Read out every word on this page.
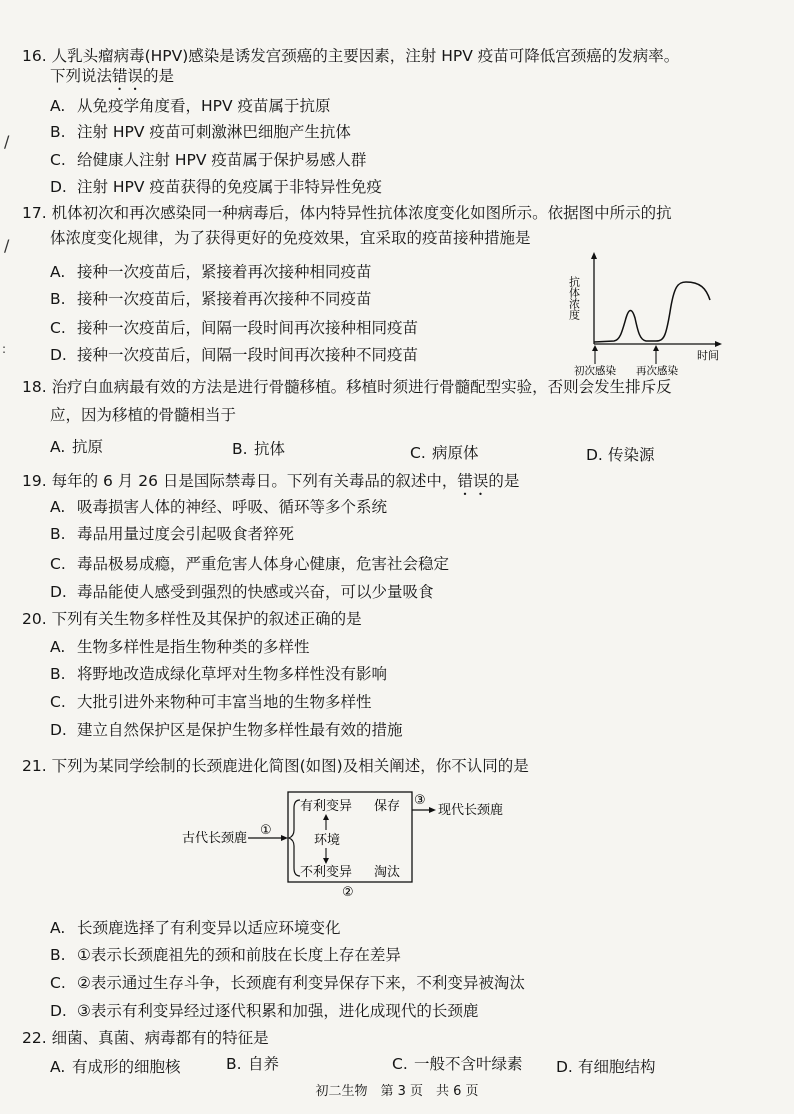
/
/
:
16. 人乳头瘤病毒(HPV)感染是诱发宫颈癌的主要因素，注射 HPV 疫苗可降低宫颈癌的发病率。
下列说法错误的是
A. 从免疫学角度看，HPV 疫苗属于抗原
B. 注射 HPV 疫苗可刺激淋巴细胞产生抗体
C. 给健康人注射 HPV 疫苗属于保护易感人群
D. 注射 HPV 疫苗获得的免疫属于非特异性免疫
17. 机体初次和再次感染同一种病毒后，体内特异性抗体浓度变化如图所示。依据图中所示的抗
体浓度变化规律，为了获得更好的免疫效果，宜采取的疫苗接种措施是
A. 接种一次疫苗后，紧接着再次接种相同疫苗
B. 接种一次疫苗后，紧接着再次接种不同疫苗
C. 接种一次疫苗后，间隔一段时间再次接种相同疫苗
D. 接种一次疫苗后，间隔一段时间再次接种不同疫苗
抗体浓度
时间
初次感染 再次感染
18. 治疗白血病最有效的方法是进行骨髓移植。移植时须进行骨髓配型实验，否则会发生排斥反
应，因为移植的骨髓相当于
A. 抗原	B. 抗体	C. 病原体	D. 传染源
19. 每年的 6 月 26 日是国际禁毒日。下列有关毒品的叙述中，错误的是
A. 吸毒损害人体的神经、呼吸、循环等多个系统
B. 毒品用量过度会引起吸食者猝死
C. 毒品极易成瘾，严重危害人体身心健康，危害社会稳定
D. 毒品能使人感受到强烈的快感或兴奋，可以少量吸食
20. 下列有关生物多样性及其保护的叙述正确的是
A. 生物多样性是指生物种类的多样性
B. 将野地改造成绿化草坪对生物多样性没有影响
C. 大批引进外来物种可丰富当地的生物多样性
D. 建立自然保护区是保护生物多样性最有效的措施
21. 下列为某同学绘制的长颈鹿进化简图(如图)及相关阐述，你不认同的是
古代长颈鹿
①
有利变异 保存
环境
不利变异 淘汰
③
现代长颈鹿
②
A. 长颈鹿选择了有利变异以适应环境变化
B. ①表示长颈鹿祖先的颈和前肢在长度上存在差异
C. ②表示通过生存斗争，长颈鹿有利变异保存下来，不利变异被淘汰
D. ③表示有利变异经过逐代积累和加强，进化成现代的长颈鹿
22. 细菌、真菌、病毒都有的特征是
A. 有成形的细胞核	B. 自养	C. 一般不含叶绿素 D. 有细胞结构
初二生物　第 3 页　共 6 页
